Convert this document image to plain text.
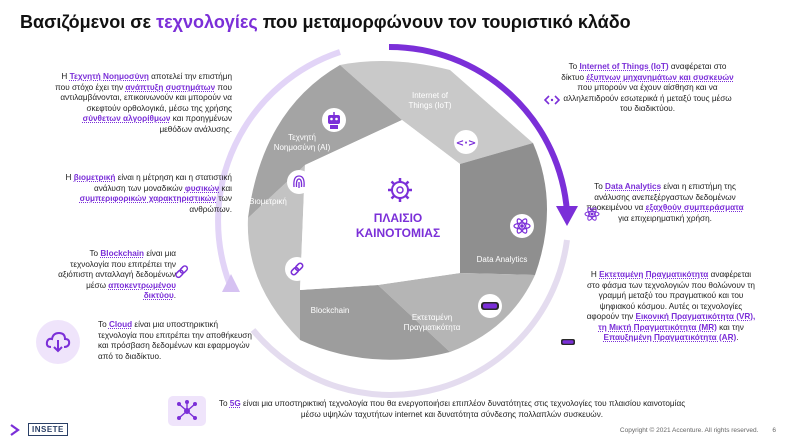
Βασιζόμενοι σε τεχνολογίες που μεταμορφώνουν τον τουριστικό κλάδο
ΠΛΑΙΣΙΟ
ΚΑΙΝΟΤΟΜΙΑΣ
<·>
Τεχνητή
Νοημοσύνη (AI)
Internet of
Things (IoT)
Data Analytics
Εκτεταμένη
Πραγματικότητα
Blockchain
Βιομετρική
Η Τεχνητή Νοημοσύνη αποτελεί την επιστήμη που στόχο έχει την ανάπτυξη συστημάτων που αντιλαμβάνονται, επικοινωνούν και μπορούν να σκεφτούν ορθολογικά, μέσω της χρήσης σύνθετων αλγορίθμων και προηγμένων μεθόδων ανάλυσης.
Η βιομετρική είναι η μέτρηση και η στατιστική ανάλυση των μοναδικών φυσικών και συμπεριφορικών χαρακτηριστικών των ανθρώπων.
Το Blockchain είναι μια τεχνολογία που επιτρέπει την αξιόπιστη ανταλλαγή δεδομένων μέσω αποκεντρωμένου δικτύου.
Το Cloud είναι μια υποστηρικτική τεχνολογία που επιτρέπει την αποθήκευση και πρόσβαση δεδομένων και εφαρμογών από το διαδίκτυο.
Το Internet of Things (IoT) αναφέρεται στο δίκτυο έξυπνων μηχανημάτων και συσκευών που μπορούν να έχουν αίσθηση και να αλληλεπιδρούν εσωτερικά ή μεταξύ τους μέσω του διαδικτύου.
Το Data Analytics είναι η επιστήμη της ανάλυσης ανεπεξέργαστων δεδομένων προκειμένου να εξαχθούν συμπεράσματα για επιχειρηματική χρήση.
Η Εκτεταμένη Πραγματικότητα αναφέρεται στο φάσμα των τεχνολογιών που θολώνουν τη γραμμή μεταξύ του πραγματικού και του ψηφιακού κόσμου. Αυτές οι τεχνολογίες αφορούν την Εικονική Πραγματικότητα (VR), τη Μικτή Πραγματικότητα (MR) και την Επαυξημένη Πραγματικότητα (AR).
Το 5G είναι μια υποστηρικτική τεχνολογία που θα ενεργοποιήσει επιπλέον δυνατότητες στις τεχνολογίες του πλαισίου καινοτομίας μέσω υψηλών ταχυτήτων internet και δυνατότητα σύνδεσης πολλαπλών συσκευών.
INSETE	Copyright © 2021 Accenture. All rights reserved. 6
